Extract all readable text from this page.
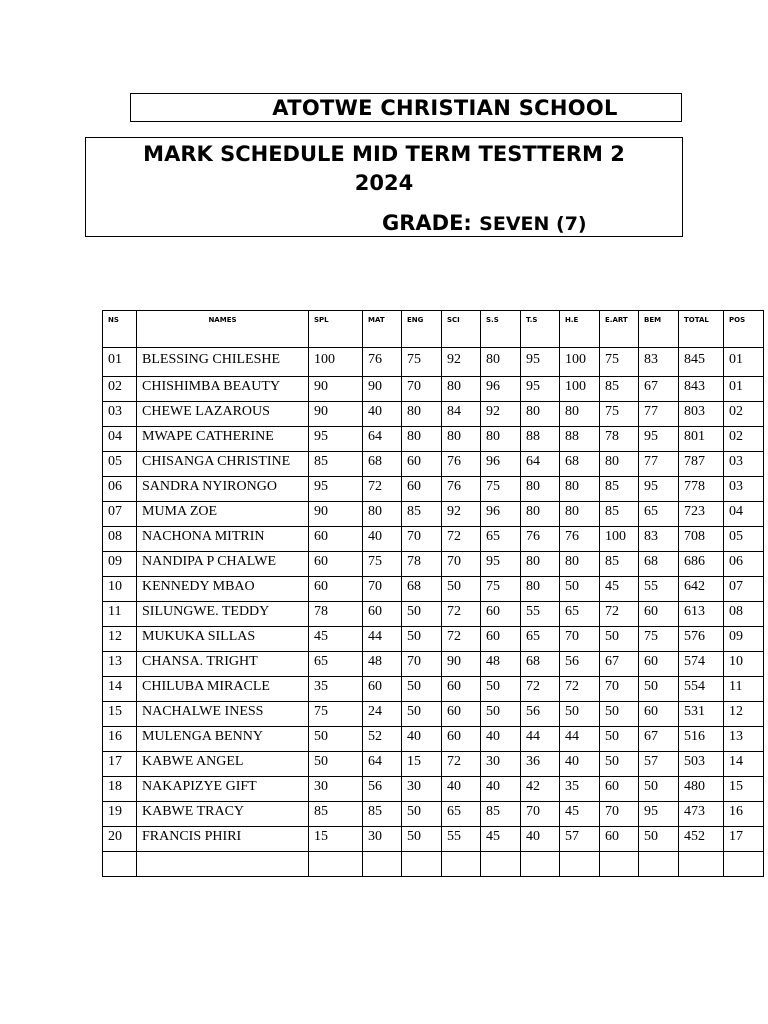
ATOTWE CHRISTIAN SCHOOL
MARK SCHEDULE MID TERM TESTTERM 2
2024
GRADE: SEVEN (7)
NS	NAMES	SPL	MAT	ENG	SCI	S.S	T.S	H.E	E.ART	BEM	TOTAL	POS
01	BLESSING CHILESHE	100	76	75	92	80	95	100	75	83	845	01
02	CHISHIMBA BEAUTY	90	90	70	80	96	95	100	85	67	843	01
03	CHEWE LAZAROUS	90	40	80	84	92	80	80	75	77	803	02
04	MWAPE CATHERINE	95	64	80	80	80	88	88	78	95	801	02
05	CHISANGA CHRISTINE	85	68	60	76	96	64	68	80	77	787	03
06	SANDRA NYIRONGO	95	72	60	76	75	80	80	85	95	778	03
07	MUMA ZOE	90	80	85	92	96	80	80	85	65	723	04
08	NACHONA MITRIN	60	40	70	72	65	76	76	100	83	708	05
09	NANDIPA P CHALWE	60	75	78	70	95	80	80	85	68	686	06
10	KENNEDY MBAO	60	70	68	50	75	80	50	45	55	642	07
11	SILUNGWE. TEDDY	78	60	50	72	60	55	65	72	60	613	08
12	MUKUKA SILLAS	45	44	50	72	60	65	70	50	75	576	09
13	CHANSA. TRIGHT	65	48	70	90	48	68	56	67	60	574	10
14	CHILUBA MIRACLE	35	60	50	60	50	72	72	70	50	554	11
15	NACHALWE INESS	75	24	50	60	50	56	50	50	60	531	12
16	MULENGA BENNY	50	52	40	60	40	44	44	50	67	516	13
17	KABWE ANGEL	50	64	15	72	30	36	40	50	57	503	14
18	NAKAPIZYE GIFT	30	56	30	40	40	42	35	60	50	480	15
19	KABWE TRACY	85	85	50	65	85	70	45	70	95	473	16
20	FRANCIS PHIRI	15	30	50	55	45	40	57	60	50	452	17
